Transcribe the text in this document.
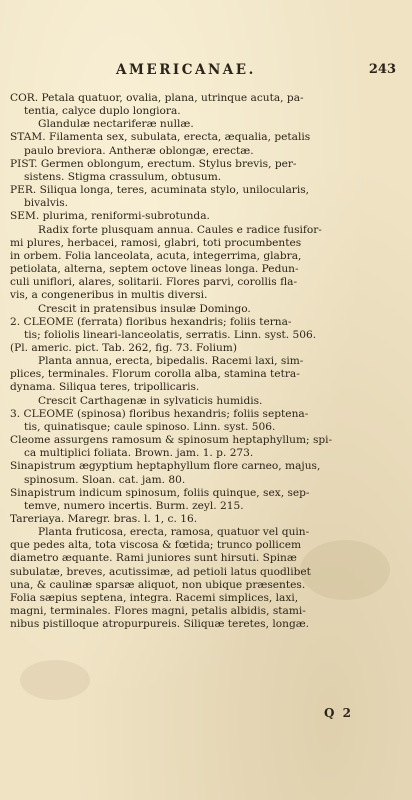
AMERICANAE.	243
COR. Petala quatuor, ovalia, plana, utrinque acuta, pa-
tentia, calyce duplo longiora.
Glandulæ nectariferæ nullæ.
STAM. Filamenta sex, subulata, erecta, æqualia, petalis
paulo breviora. Antheræ oblongæ, erectæ.
PIST. Germen oblongum, erectum. Stylus brevis, per-
sistens. Stigma crassulum, obtusum.
PER. Siliqua longa, teres, acuminata stylo, unilocularis,
bivalvis.
SEM. plurima, reniformi-subrotunda.
Radix forte plusquam annua. Caules e radice fusifor-
mi plures, herbacei, ramosi, glabri, toti procumbentes
in orbem. Folia lanceolata, acuta, integerrima, glabra,
petiolata, alterna, septem octove lineas longa. Pedun-
culi uniflori, alares, solitarii. Flores parvi, corollis fla-
vis, a congeneribus in multis diversi.
Crescit in pratensibus insulæ Domingo.
2. CLEOME (ferrata) floribus hexandris; foliis terna-
tis; foliolis lineari-lanceolatis, serratis. Linn. syst. 506.
(Pl. americ. pict. Tab. 262, fig. 73. Folium)
Planta annua, erecta, bipedalis. Racemi laxi, sim-
plices, terminales. Florum corolla alba, stamina tetra-
dynama. Siliqua teres, tripollicaris.
Crescit Carthagenæ in sylvaticis humidis.
3. CLEOME (spinosa) floribus hexandris; foliis septena-
tis, quinatisque; caule spinoso. Linn. syst. 506.
Cleome assurgens ramosum & spinosum heptaphyllum; spi-
ca multiplici foliata. Brown. jam. 1. p. 273.
Sinapistrum ægyptium heptaphyllum flore carneo, majus,
spinosum. Sloan. cat. jam. 80.
Sinapistrum indicum spinosum, foliis quinque, sex, sep-
temve, numero incertis. Burm. zeyl. 215.
Tareriaya. Maregr. bras. l. 1, c. 16.
Planta fruticosa, erecta, ramosa, quatuor vel quin-
que pedes alta, tota viscosa & fœtida; trunco pollicem
diametro æquante. Rami juniores sunt hirsuti. Spinæ
subulatæ, breves, acutissimæ, ad petioli latus quodlibet
una, & caulinæ sparsæ aliquot, non ubique præsentes.
Folia sæpius septena, integra. Racemi simplices, laxi,
magni, terminales. Flores magni, petalis albidis, stami-
nibus pistilloque atropurpureis. Siliquæ teretes, longæ.
Q 2
